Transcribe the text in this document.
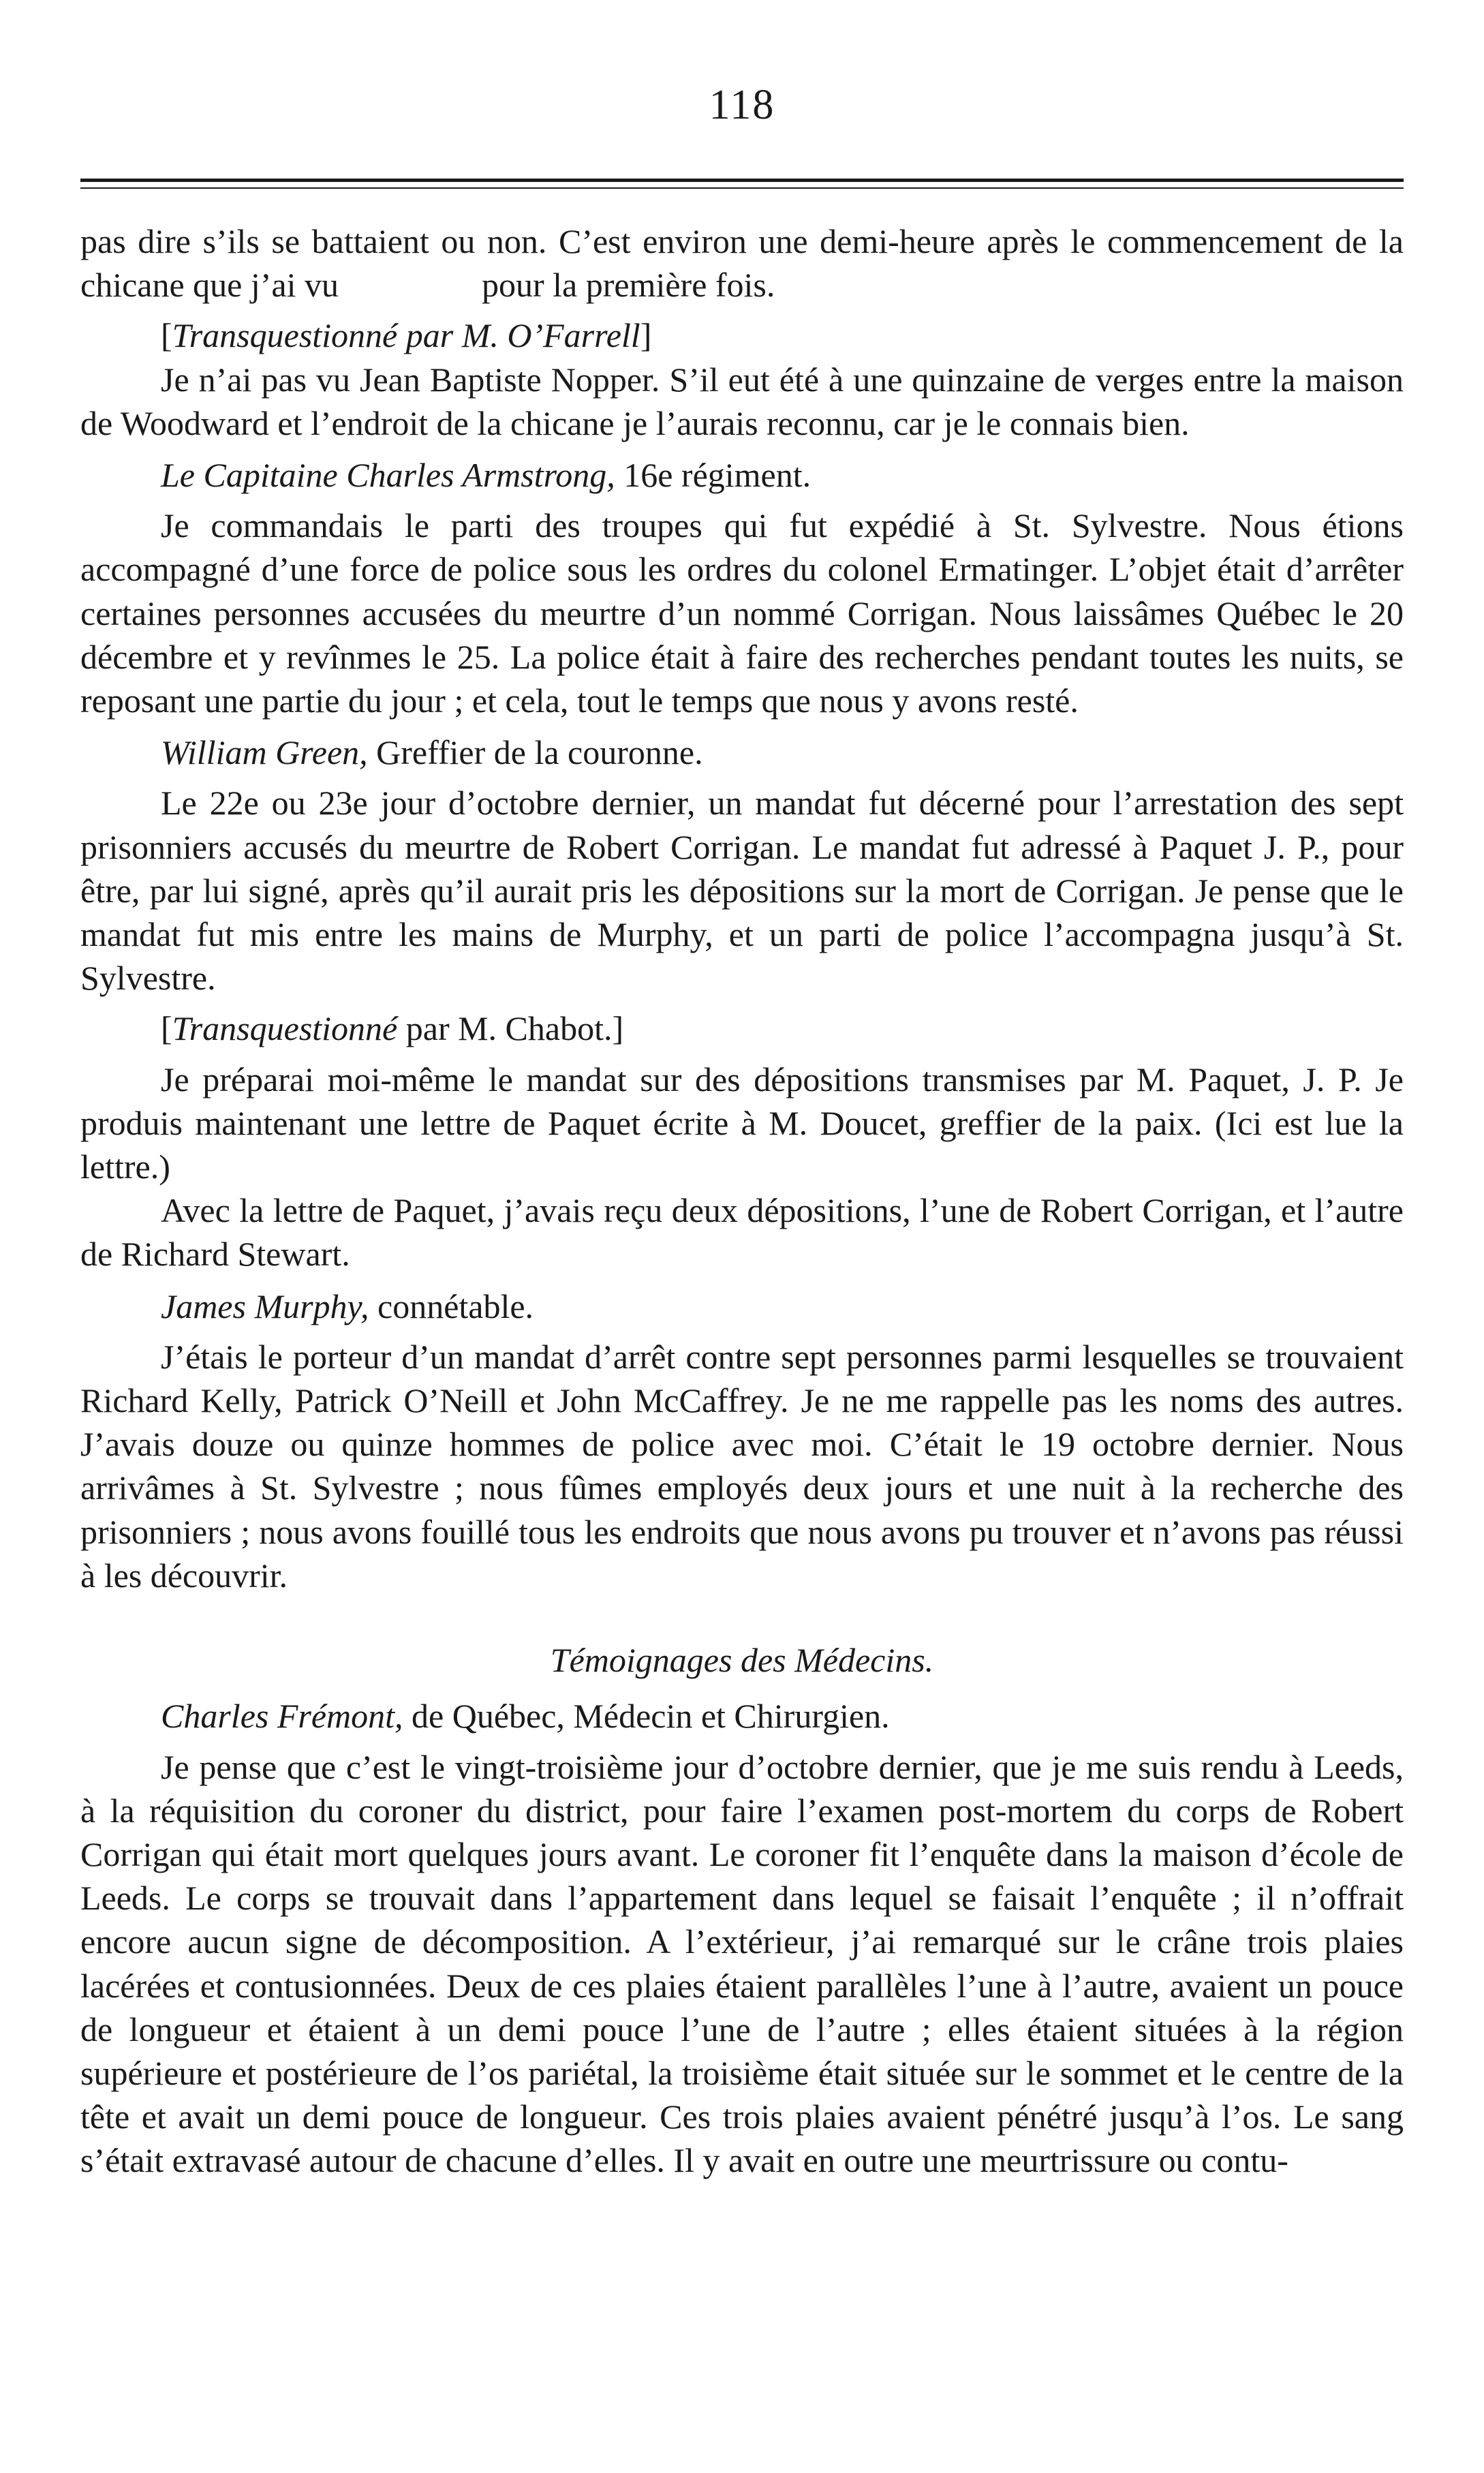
118

pas dire s’ils se battaient ou non. C’est environ une demi-heure après le commencement de la chicane que j’ai vu	pour la première fois.

[Transquestionné par M. O’Farrell]

Je n’ai pas vu Jean Baptiste Nopper. S’il eut été à une quinzaine de verges entre la maison de Woodward et l’endroit de la chicane je l’aurais reconnu, car je le connais bien.

Le Capitaine Charles Armstrong, 16e régiment.

Je commandais le parti des troupes qui fut expédié à St. Sylvestre. Nous étions accompagné d’une force de police sous les ordres du colonel Ermatinger. L’objet était d’arrêter certaines personnes accusées du meurtre d’un nommé Corrigan. Nous laissâmes Québec le 20 décembre et y revînmes le 25. La police était à faire des recherches pendant toutes les nuits, se reposant une partie du jour ; et cela, tout le temps que nous y avons resté.

William Green, Greffier de la couronne.

Le 22e ou 23e jour d’octobre dernier, un mandat fut décerné pour l’arrestation des sept prisonniers accusés du meurtre de Robert Corrigan. Le mandat fut adressé à Paquet J. P., pour être, par lui signé, après qu’il aurait pris les dépositions sur la mort de Corrigan. Je pense que le mandat fut mis entre les mains de Murphy, et un parti de police l’accompagna jusqu’à St. Sylvestre.

[Transquestionné par M. Chabot.]

Je préparai moi-même le mandat sur des dépositions transmises par M. Paquet, J. P. Je produis maintenant une lettre de Paquet écrite à M. Doucet, greffier de la paix. (Ici est lue la lettre.)

Avec la lettre de Paquet, j’avais reçu deux dépositions, l’une de Robert Corrigan, et l’autre de Richard Stewart.

James Murphy, connétable.

J’étais le porteur d’un mandat d’arrêt contre sept personnes parmi lesquelles se trouvaient Richard Kelly, Patrick O’Neill et John McCaffrey. Je ne me rappelle pas les noms des autres. J’avais douze ou quinze hommes de police avec moi. C’était le 19 octobre dernier. Nous arrivâmes à St. Sylvestre ; nous fûmes employés deux jours et une nuit à la recherche des prisonniers ; nous avons fouillé tous les endroits que nous avons pu trouver et n’avons pas réussi à les découvrir.

Témoignages des Médecins.

Charles Frémont, de Québec, Médecin et Chirurgien.

Je pense que c’est le vingt-troisième jour d’octobre dernier, que je me suis rendu à Leeds, à la réquisition du coroner du district, pour faire l’examen post-mortem du corps de Robert Corrigan qui était mort quelques jours avant. Le coroner fit l’enquête dans la maison d’école de Leeds. Le corps se trouvait dans l’appartement dans lequel se faisait l’enquête ; il n’offrait encore aucun signe de décomposition. A l’extérieur, j’ai remarqué sur le crâne trois plaies lacérées et contusionnées. Deux de ces plaies étaient parallèles l’une à l’autre, avaient un pouce de longueur et étaient à un demi pouce l’une de l’autre ; elles étaient situées à la région supérieure et postérieure de l’os pariétal, la troisième était située sur le sommet et le centre de la tête et avait un demi pouce de longueur. Ces trois plaies avaient pénétré jusqu’à l’os. Le sang s’était extravasé autour de chacune d’elles. Il y avait en outre une meurtrissure ou contu-
